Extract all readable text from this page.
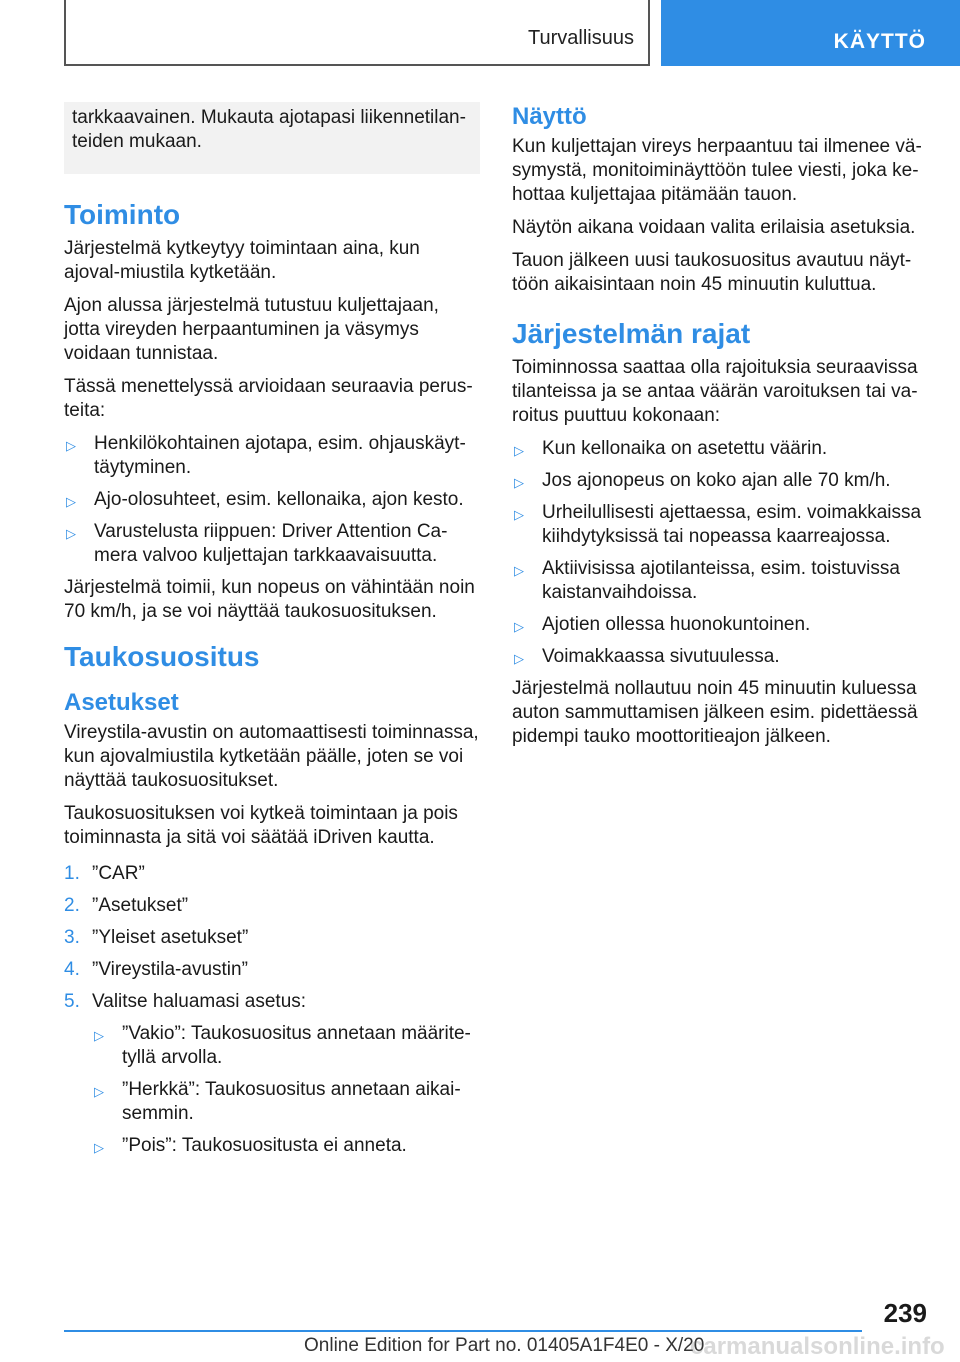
Turvallisuus	KÄYTTÖ

tarkkaavainen. Mukauta ajotapasi liikennetilan-teiden mukaan.

Toiminto

Järjestelmä kytkeytyy toimintaan aina, kun ajoval-miustila kytketään.

Ajon alussa järjestelmä tutustuu kuljettajaan, jotta vireyden herpaantuminen ja väsymys voidaan tunnistaa.

Tässä menettelyssä arvioidaan seuraavia perus-teita:

▷ Henkilökohtainen ajotapa, esim. ohjauskäyt-täytyminen.
▷ Ajo-olosuhteet, esim. kellonaika, ajon kesto.
▷ Varustelusta riippuen: Driver Attention Ca-mera valvoo kuljettajan tarkkaavaisuutta.

Järjestelmä toimii, kun nopeus on vähintään noin 70 km/h, ja se voi näyttää taukosuosituksen.

Taukosuositus
Asetukset

Vireystila-avustin on automaattisesti toiminnassa, kun ajovalmiustila kytketään päälle, joten se voi näyttää taukosuositukset.

Taukosuosituksen voi kytkeä toimintaan ja pois toiminnasta ja sitä voi säätää iDriven kautta.

1. ”CAR”
2. ”Asetukset”
3. ”Yleiset asetukset”
4. ”Vireystila-avustin”
5. Valitse haluamasi asetus:
▷ ”Vakio”: Taukosuositus annetaan määrite-tyllä arvolla.
▷ ”Herkkä”: Taukosuositus annetaan aikai-semmin.
▷ ”Pois”: Taukosuositusta ei anneta.
Näyttö

Kun kuljettajan vireys herpaantuu tai ilmenee vä-symystä, monitoiminäyttöön tulee viesti, joka ke-hottaa kuljettajaa pitämään tauon.

Näytön aikana voidaan valita erilaisia asetuksia.

Tauon jälkeen uusi taukosuositus avautuu näyt-töön aikaisintaan noin 45 minuutin kuluttua.

Järjestelmän rajat

Toiminnossa saattaa olla rajoituksia seuraavissa tilanteissa ja se antaa väärän varoituksen tai va-roitus puuttuu kokonaan:

▷ Kun kellonaika on asetettu väärin.
▷ Jos ajonopeus on koko ajan alle 70 km/h.
▷ Urheilullisesti ajettaessa, esim. voimakkaissa kiihdytyksissä tai nopeassa kaarreajossa.
▷ Aktiivisissa ajotilanteissa, esim. toistuvissa kaistanvaihdoissa.
▷ Ajotien ollessa huonokuntoinen.
▷ Voimakkaassa sivutuulessa.

Järjestelmä nollautuu noin 45 minuutin kuluessa auton sammuttamisen jälkeen esim. pidettäessä pidempi tauko moottoritieajon jälkeen.

239
Online Edition for Part no. 01405A1F4E0 - X/20
carmanualsonline.info
